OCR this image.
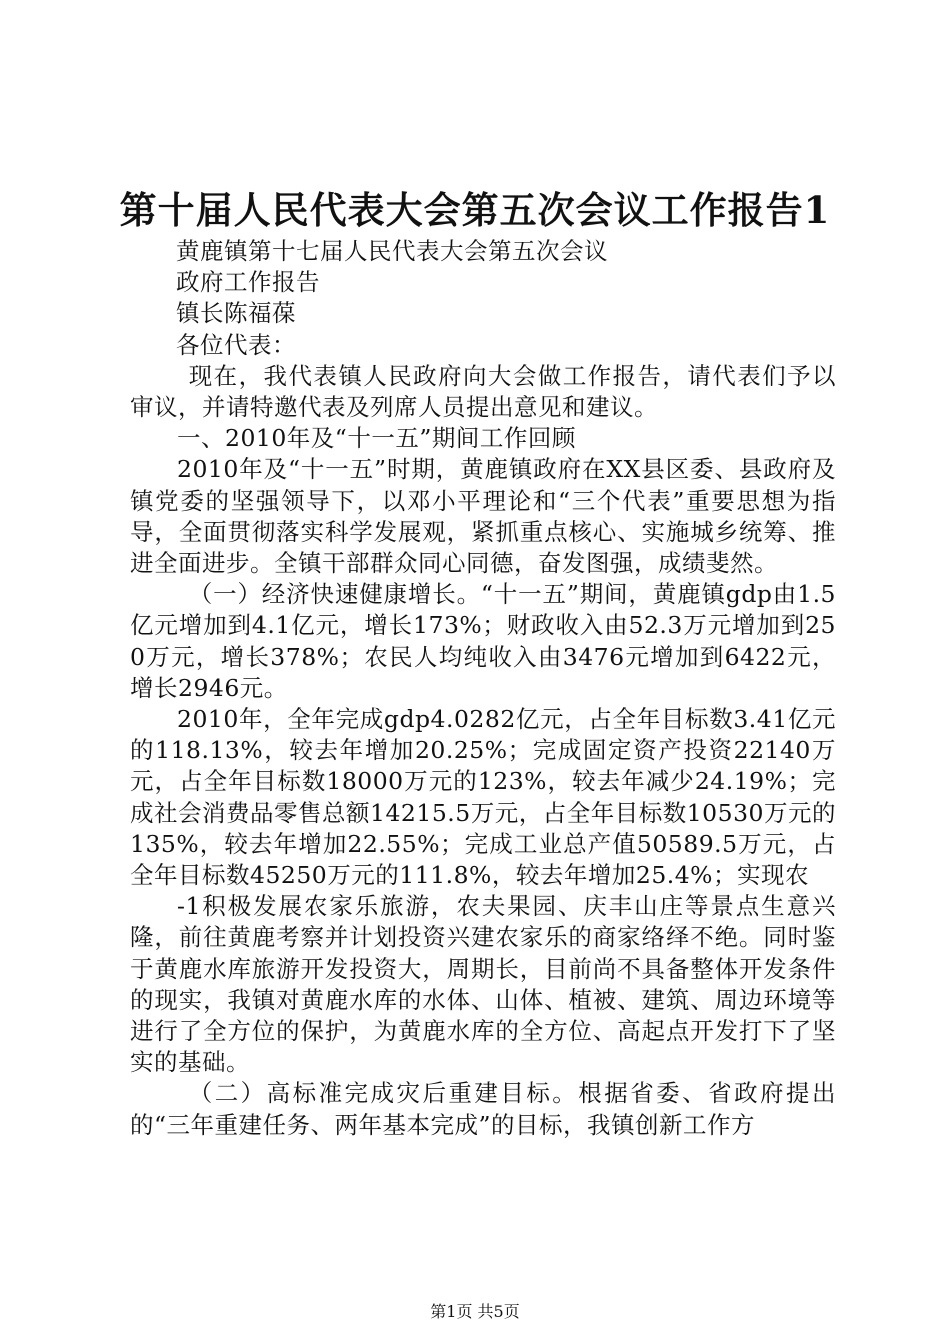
第十届人民代表大会第五次会议工作报告1

黄鹿镇第十七届人民代表大会第五次会议

政府工作报告

镇长陈福葆

各位代表：

现在，我代表镇人民政府向大会做工作报告，请代表们予以审议，并请特邀代表及列席人员提出意见和建议。

一、2010年及“十一五”期间工作回顾

2010年及“十一五”时期，黄鹿镇政府在XX县区委、县政府及镇党委的坚强领导下，以邓小平理论和“三个代表”重要思想为指导，全面贯彻落实科学发展观，紧抓重点核心、实施城乡统筹、推进全面进步。全镇干部群众同心同德，奋发图强，成绩斐然。

（一）经济快速健康增长。“十一五”期间，黄鹿镇gdp由1.5亿元增加到4.1亿元，增长173%；财政收入由52.3万元增加到250万元，增长378%；农民人均纯收入由3476元增加到6422元，增长2946元。

2010年，全年完成gdp4.0282亿元，占全年目标数3.41亿元的118.13%，较去年增加20.25%；完成固定资产投资22140万元，占全年目标数18000万元的123%，较去年减少24.19%；完成社会消费品零售总额14215.5万元，占全年目标数10530万元的135%，较去年增加22.55%；完成工业总产值50589.5万元，占全年目标数45250万元的111.8%，较去年增加25.4%；实现农

-1积极发展农家乐旅游，农夫果园、庆丰山庄等景点生意兴隆，前往黄鹿考察并计划投资兴建农家乐的商家络绎不绝。同时鉴于黄鹿水库旅游开发投资大，周期长，目前尚不具备整体开发条件的现实，我镇对黄鹿水库的水体、山体、植被、建筑、周边环境等进行了全方位的保护，为黄鹿水库的全方位、高起点开发打下了坚实的基础。

（二）高标准完成灾后重建目标。根据省委、省政府提出的“三年重建任务、两年基本完成”的目标，我镇创新工作方

第1页 共5页
